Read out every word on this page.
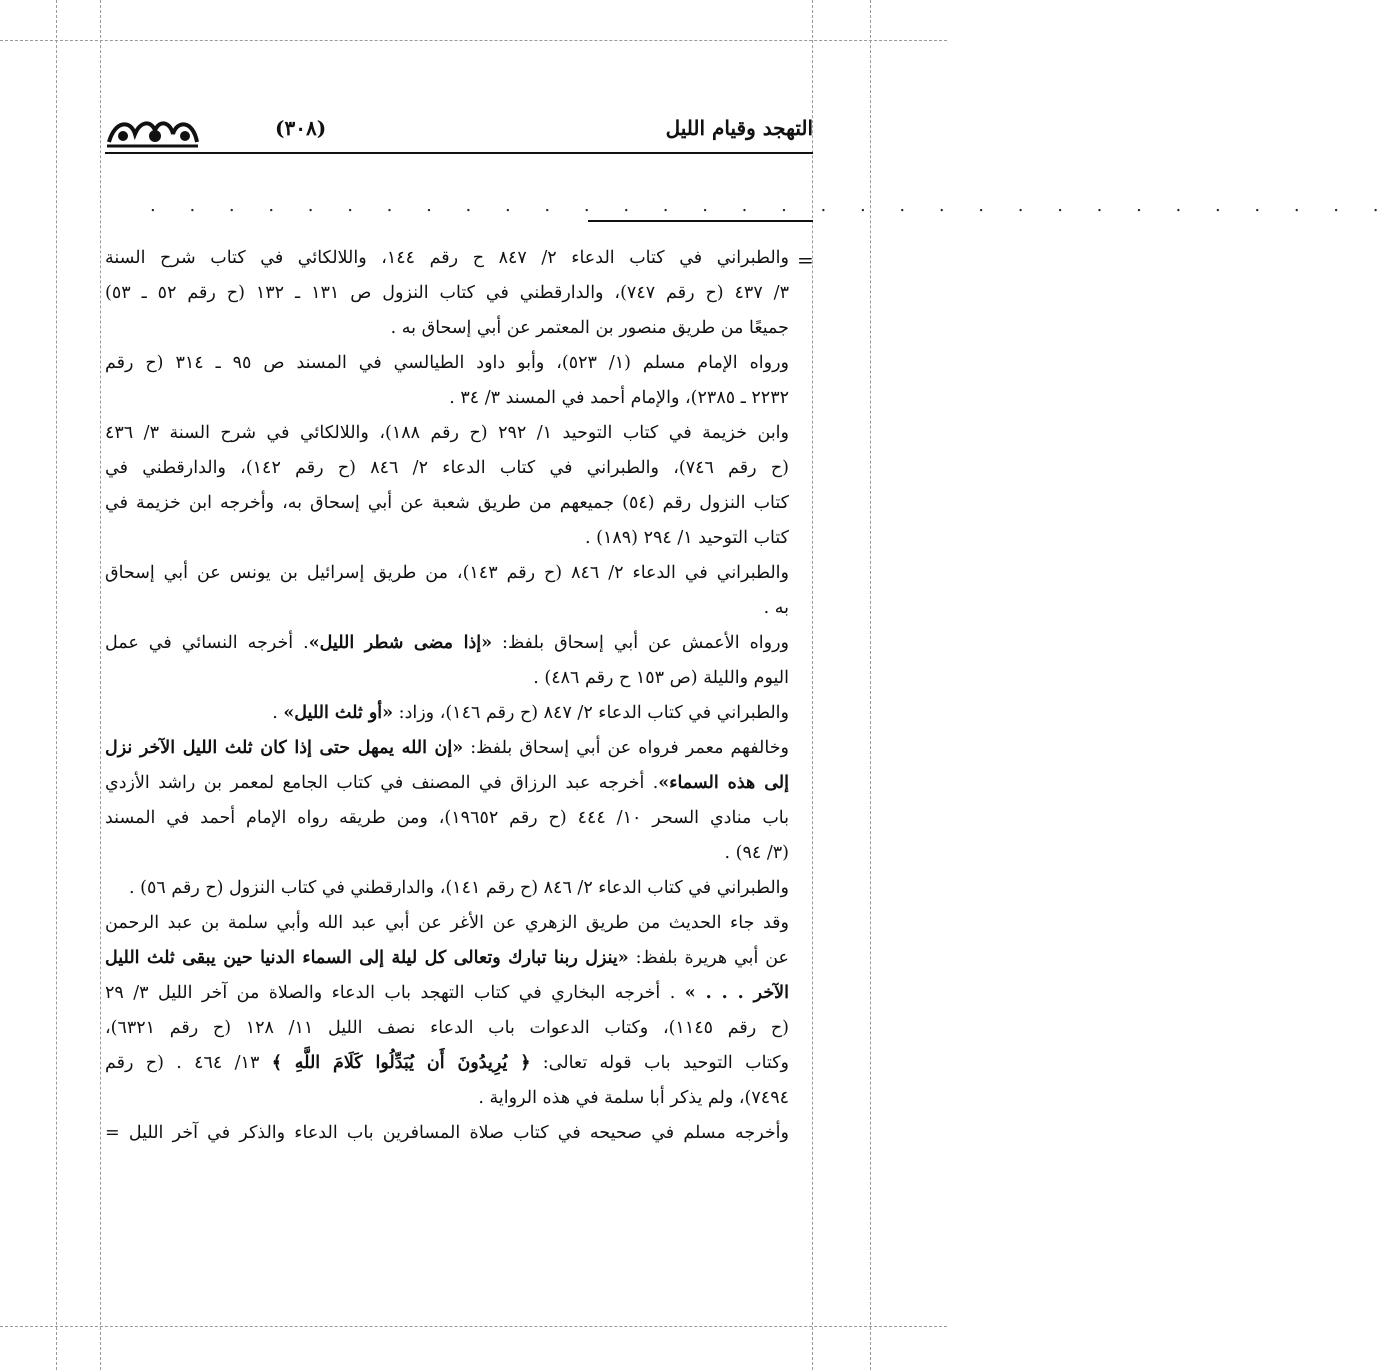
(٣٠٨)	التهجد وقيام الليل
. . . . . . . . . . . . . . . . . . . . . . . . . . . . . . . .
=
والطبراني في كتاب الدعاء ٢/ ٨٤٧ ح رقم ١٤٤، واللالكائي في كتاب شرح السنة
٣/ ٤٣٧ (ح رقم ٧٤٧)، والدارقطني في كتاب النزول ص ١٣١ ـ ١٣٢ (ح رقم ٥٢ ـ ٥٣)
جميعًا من طريق منصور بن المعتمر عن أبي إسحاق به .
ورواه الإمام مسلم (١/ ٥٢٣)، وأبو داود الطيالسي في المسند ص ٩٥ ـ ٣١٤ (ح رقم
٢٢٣٢ ـ ٢٣٨٥)، والإمام أحمد في المسند ٣/ ٣٤ .
وابن خزيمة في كتاب التوحيد ١/ ٢٩٢ (ح رقم ١٨٨)، واللالكائي في شرح السنة ٣/ ٤٣٦
(ح رقم ٧٤٦)، والطبراني في كتاب الدعاء ٢/ ٨٤٦ (ح رقم ١٤٢)، والدارقطني في
كتاب النزول رقم (٥٤) جميعهم من طريق شعبة عن أبي إسحاق به، وأخرجه ابن خزيمة في
كتاب التوحيد ١/ ٢٩٤ (١٨٩) .
والطبراني في الدعاء ٢/ ٨٤٦ (ح رقم ١٤٣)، من طريق إسرائيل بن يونس عن أبي إسحاق
به .
ورواه الأعمش عن أبي إسحاق بلفظ: «إذا مضى شطر الليل». أخرجه النسائي في عمل
اليوم والليلة (ص ١٥٣ ح رقم ٤٨٦) .
والطبراني في كتاب الدعاء ٢/ ٨٤٧ (ح رقم ١٤٦)، وزاد: «أو ثلث الليل» .
وخالفهم معمر فرواه عن أبي إسحاق بلفظ: «إن الله يمهل حتى إذا كان ثلث الليل الآخر نزل
إلى هذه السماء». أخرجه عبد الرزاق في المصنف في كتاب الجامع لمعمر بن راشد الأزدي
باب منادي السحر ١٠/ ٤٤٤ (ح رقم ١٩٦٥٢)، ومن طريقه رواه الإمام أحمد في المسند
(٣/ ٩٤) .
والطبراني في كتاب الدعاء ٢/ ٨٤٦ (ح رقم ١٤١)، والدارقطني في كتاب النزول (ح رقم ٥٦) .
وقد جاء الحديث من طريق الزهري عن الأغر عن أبي عبد الله وأبي سلمة بن عبد الرحمن
عن أبي هريرة بلفظ: «ينزل ربنا تبارك وتعالى كل ليلة إلى السماء الدنيا حين يبقى ثلث الليل
الآخر . . . » . أخرجه البخاري في كتاب التهجد باب الدعاء والصلاة من آخر الليل ٣/ ٢٩
(ح رقم ١١٤٥)، وكتاب الدعوات باب الدعاء نصف الليل ١١/ ١٢٨ (ح رقم ٦٣٢١)،
وكتاب التوحيد باب قوله تعالى: ﴿ يُرِيدُونَ أَن يُبَدِّلُوا كَلَامَ اللَّهِ ﴾ ١٣/ ٤٦٤ . (ح رقم
٧٤٩٤)، ولم يذكر أبا سلمة في هذه الرواية .
وأخرجه مسلم في صحيحه في كتاب صلاة المسافرين باب الدعاء والذكر في آخر الليل =
